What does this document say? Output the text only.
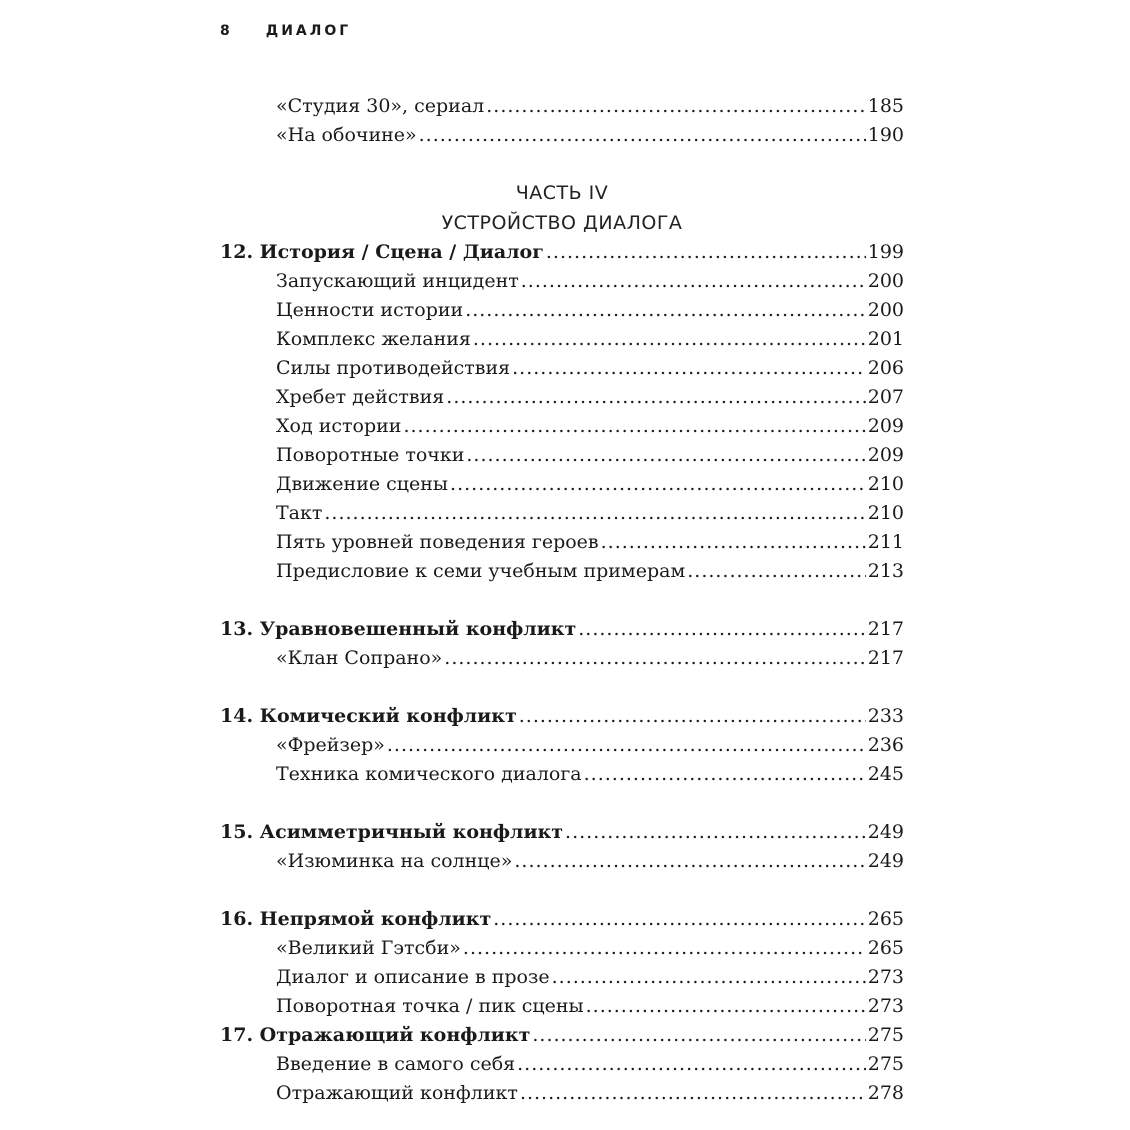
8	ДИАЛОГ
«Студия 30», сериал .....	185
«На обочине» .....	190
ЧАСТЬ IV
УСТРОЙСТВО ДИАЛОГА
12. История / Сцена / Диалог .....	199
Запускающий инцидент .....	200
Ценности истории .....	200
Комплекс желания .....	201
Силы противодействия .....	206
Хребет действия .....	207
Ход истории .....	209
Поворотные точки .....	209
Движение сцены .....	210
Такт .....	210
Пять уровней поведения героев .....	211
Предисловие к семи учебным примерам .....	213
13. Уравновешенный конфликт .....	217
«Клан Сопрано» .....	217
14. Комический конфликт .....	233
«Фрейзер» .....	236
Техника комического диалога .....	245
15. Асимметричный конфликт .....	249
«Изюминка на солнце» .....	249
16. Непрямой конфликт .....	265
«Великий Гэтсби» .....	265
Диалог и описание в прозе .....	273
Поворотная точка / пик сцены .....	273
17. Отражающий конфликт .....	275
Введение в самого себя .....	275
Отражающий конфликт .....	278
